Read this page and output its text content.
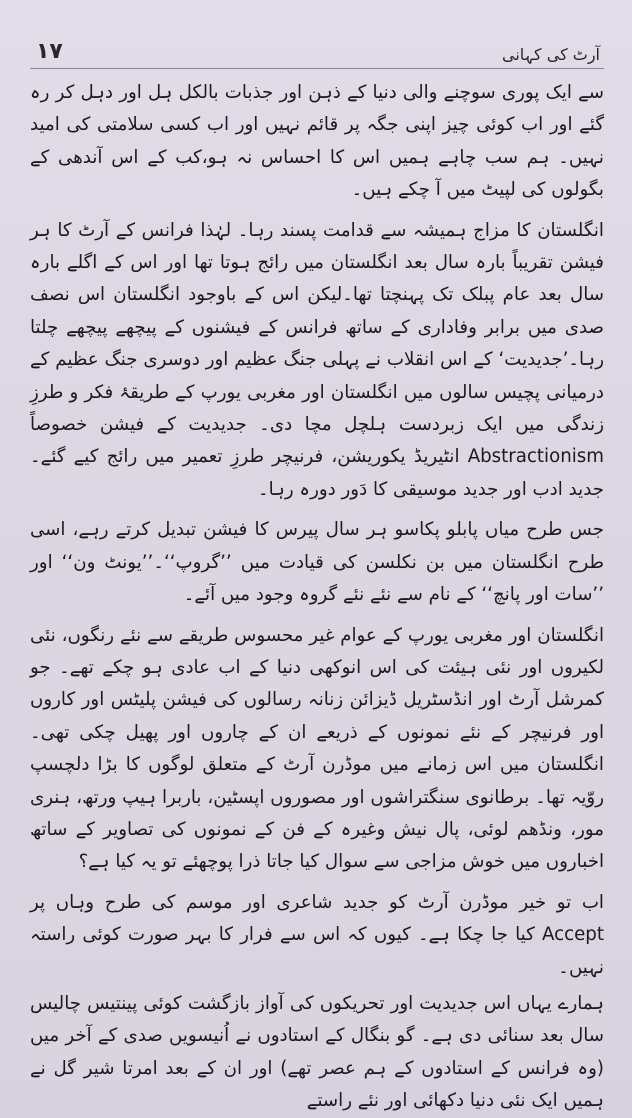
آرٹ کی کہانی
۱۷

سے ایک پوری سوچنے والی دنیا کے ذہن اور جذبات بالکل ہل اور دہل کر رہ گئے اور اب کوئی چیز اپنی جگہ پر قائم نہیں اور اب کسی سلامتی کی امید نہیں۔ ہم سب چاہے ہمیں اس کا احساس نہ ہو،کب کے اس آندھی کے بگولوں کی لپیٹ میں آ چکے ہیں۔

انگلستان کا مزاج ہمیشہ سے قدامت پسند رہا۔ لہٰذا فرانس کے آرٹ کا ہر فیشن تقریباً بارہ سال بعد انگلستان میں رائج ہوتا تھا اور اس کے اگلے بارہ سال بعد عام پبلک تک پہنچتا تھا۔لیکن اس کے باوجود انگلستان اس نصف صدی میں برابر وفاداری کے ساتھ فرانس کے فیشنوں کے پیچھے پیچھے چلتا رہا۔’جدیدیت‘ کے اس انقلاب نے پہلی جنگ عظیم اور دوسری جنگ عظیم کے درمیانی پچیس سالوں میں انگلستان اور مغربی یورپ کے طریقۂ فکر و طرزِ زندگی میں ایک زبردست ہلچل مچا دی۔ جدیدیت کے فیشن خصوصاً Abstractionism انٹیریڈ یکوریشن، فرنیچر طرزِ تعمیر میں رائج کیے گئے۔ جدید ادب اور جدید موسیقی کا دَور دورہ رہا۔

جس طرح میاں پابلو پکاسو ہر سال پیرس کا فیشن تبدیل کرتے رہے، اسی طرح انگلستان میں بن نکلسن کی قیادت میں ’’گروپ‘‘۔’’یونٹ ون‘‘ اور ’’سات اور پانچ‘‘ کے نام سے نئے نئے گروہ وجود میں آئے۔

انگلستان اور مغربی یورپ کے عوام غیر محسوس طریقے سے نئے رنگوں، نئی لکیروں اور نئی ہیئت کی اس انوکھی دنیا کے اب عادی ہو چکے تھے۔ جو کمرشل آرٹ اور انڈسٹریل ڈیزائن زنانہ رسالوں کی فیشن پلیٹس اور کاروں اور فرنیچر کے نئے نمونوں کے ذریعے ان کے چاروں اور پھیل چکی تھی۔ انگلستان میں اس زمانے میں موڈرن آرٹ کے متعلق لوگوں کا بڑا دلچسپ روّیہ تھا۔ برطانوی سنگتراشوں اور مصوروں اپسٹین، باربرا ہیپ ورتھ، ہنری مور، ونڈھم لوئی، پال نیش وغیرہ کے فن کے نمونوں کی تصاویر کے ساتھ اخباروں میں خوش مزاجی سے سوال کیا جاتا ذرا پوچھئے تو یہ کیا ہے؟

اب تو خیر موڈرن آرٹ کو جدید شاعری اور موسم کی طرح وہاں پر Accept کیا جا چکا ہے۔ کیوں کہ اس سے فرار کا بہر صورت کوئی راستہ نہیں۔

ہمارے یہاں اس جدیدیت اور تحریکوں کی آواز بازگشت کوئی پینتیس چالیس سال بعد سنائی دی ہے۔ گو بنگال کے استادوں نے اُنیسویں صدی کے آخر میں (وہ فرانس کے استادوں کے ہم عصر تھے) اور ان کے بعد امرتا شیر گل نے ہمیں ایک نئی دنیا دکھائی اور نئے راستے
